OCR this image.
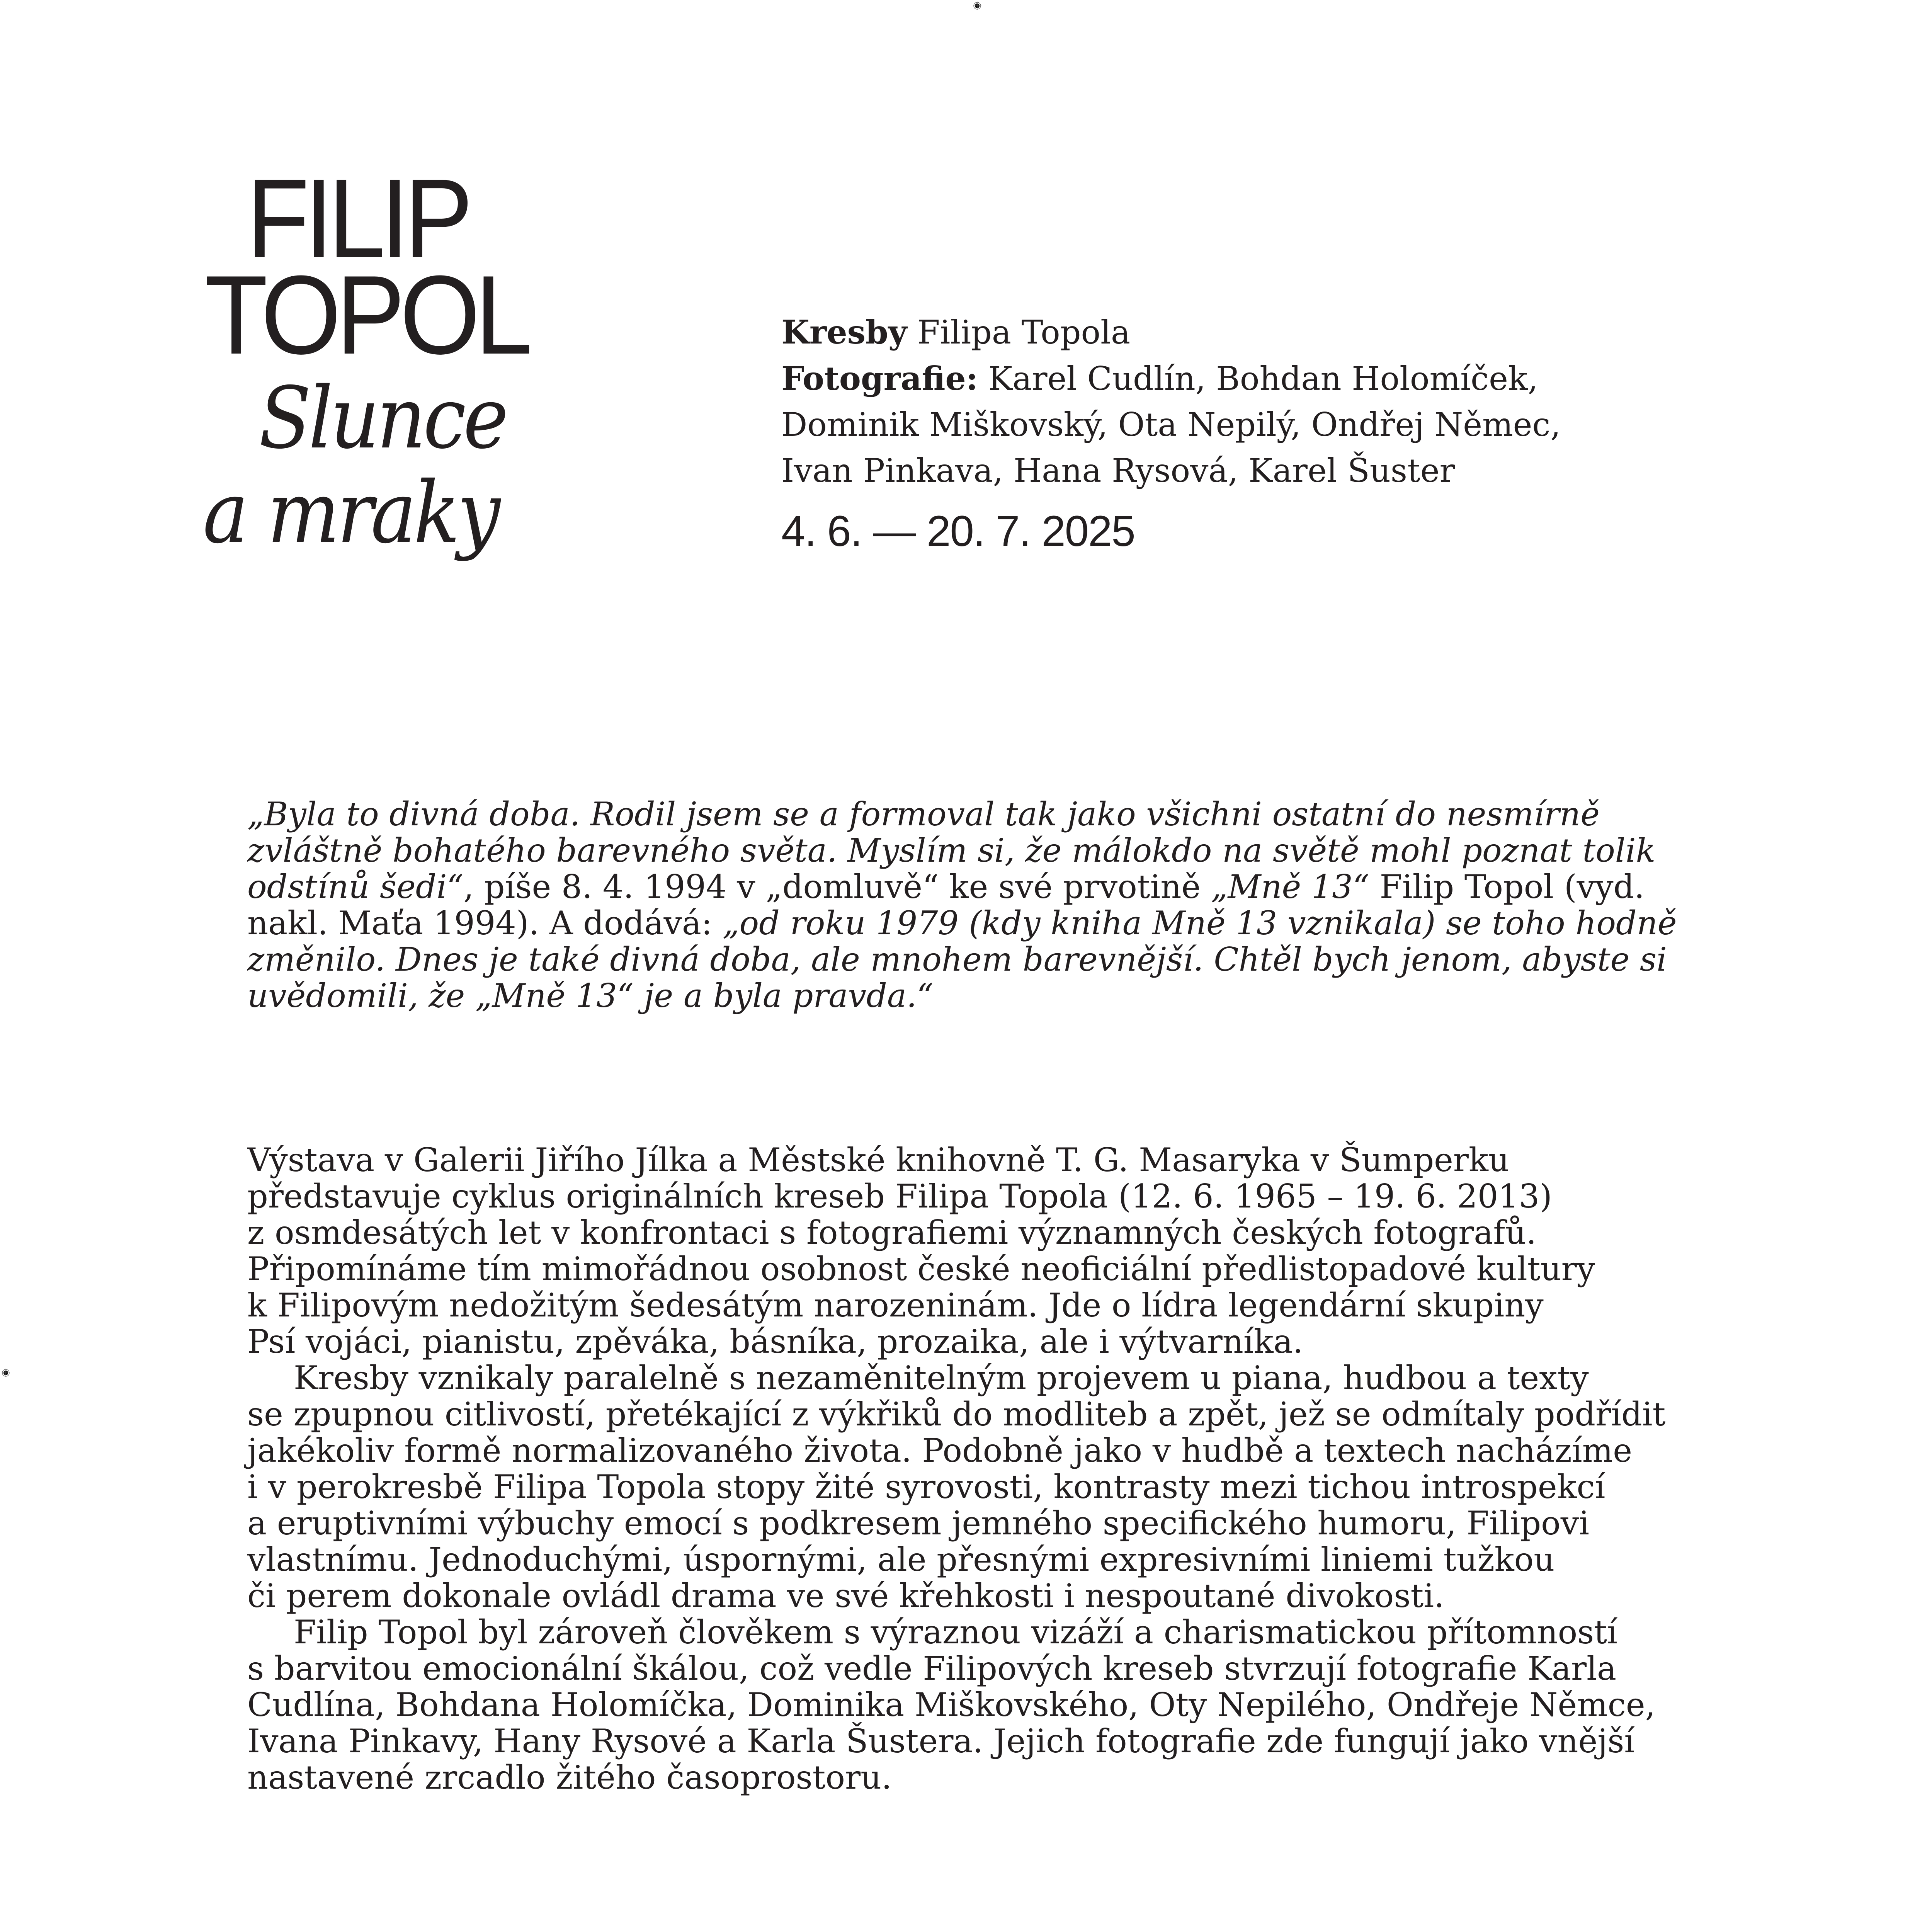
FILIP
TOPOL
Slunce
a mraky
Kresby Filipa Topola
Fotografie: Karel Cudlín, Bohdan Holomíček,
Dominik Miškovský, Ota Nepilý, Ondřej Němec,
Ivan Pinkava, Hana Rysová, Karel Šuster
4. 6. — 20. 7. 2025

„Byla to divná doba. Rodil jsem se a formoval tak jako všichni ostatní do nesmírně

zvláštně bohatého barevného světa. Myslím si, že málokdo na světě mohl poznat tolik

odstínů šedi“, píše 8. 4. 1994 v „domluvě“ ke své prvotině „Mně 13“ Filip Topol (vyd.

nakl. Maťa 1994). A dodává: „od roku 1979 (kdy kniha Mně 13 vznikala) se toho hodně

změnilo. Dnes je také divná doba, ale mnohem barevnější. Chtěl bych jenom, abyste si

uvědomili, že „Mně 13“ je a byla pravda.“

Výstava v Galerii Jiřího Jílka a Městské knihovně T. G. Masaryka v Šumperku

představuje cyklus originálních kreseb Filipa Topola (12. 6. 1965 – 19. 6. 2013)

z osmdesátých let v konfrontaci s fotografiemi významných českých fotografů.

Připomínáme tím mimořádnou osobnost české neoficiální předlistopadové kultury

k Filipovým nedožitým šedesátým narozeninám. Jde o lídra legendární skupiny

Psí vojáci, pianistu, zpěváka, básníka, prozaika, ale i výtvarníka.

Kresby vznikaly paralelně s nezaměnitelným projevem u piana, hudbou a texty

se zpupnou citlivostí, přetékající z výkřiků do modliteb a zpět, jež se odmítaly podřídit

jakékoliv formě normalizovaného života. Podobně jako v hudbě a textech nacházíme

i v perokresbě Filipa Topola stopy žité syrovosti, kontrasty mezi tichou introspekcí

a eruptivními výbuchy emocí s podkresem jemného specifického humoru, Filipovi

vlastnímu. Jednoduchými, úspornými, ale přesnými expresivními liniemi tužkou

či perem dokonale ovládl drama ve své křehkosti i nespoutané divokosti.

Filip Topol byl zároveň člověkem s výraznou vizáží a charismatickou přítomností

s barvitou emocionální škálou, což vedle Filipových kreseb stvrzují fotografie Karla

Cudlína, Bohdana Holomíčka, Dominika Miškovského, Oty Nepilého, Ondřeje Němce,

Ivana Pinkavy, Hany Rysové a Karla Šustera. Jejich fotografie zde fungují jako vnější

nastavené zrcadlo žitého časoprostoru.
